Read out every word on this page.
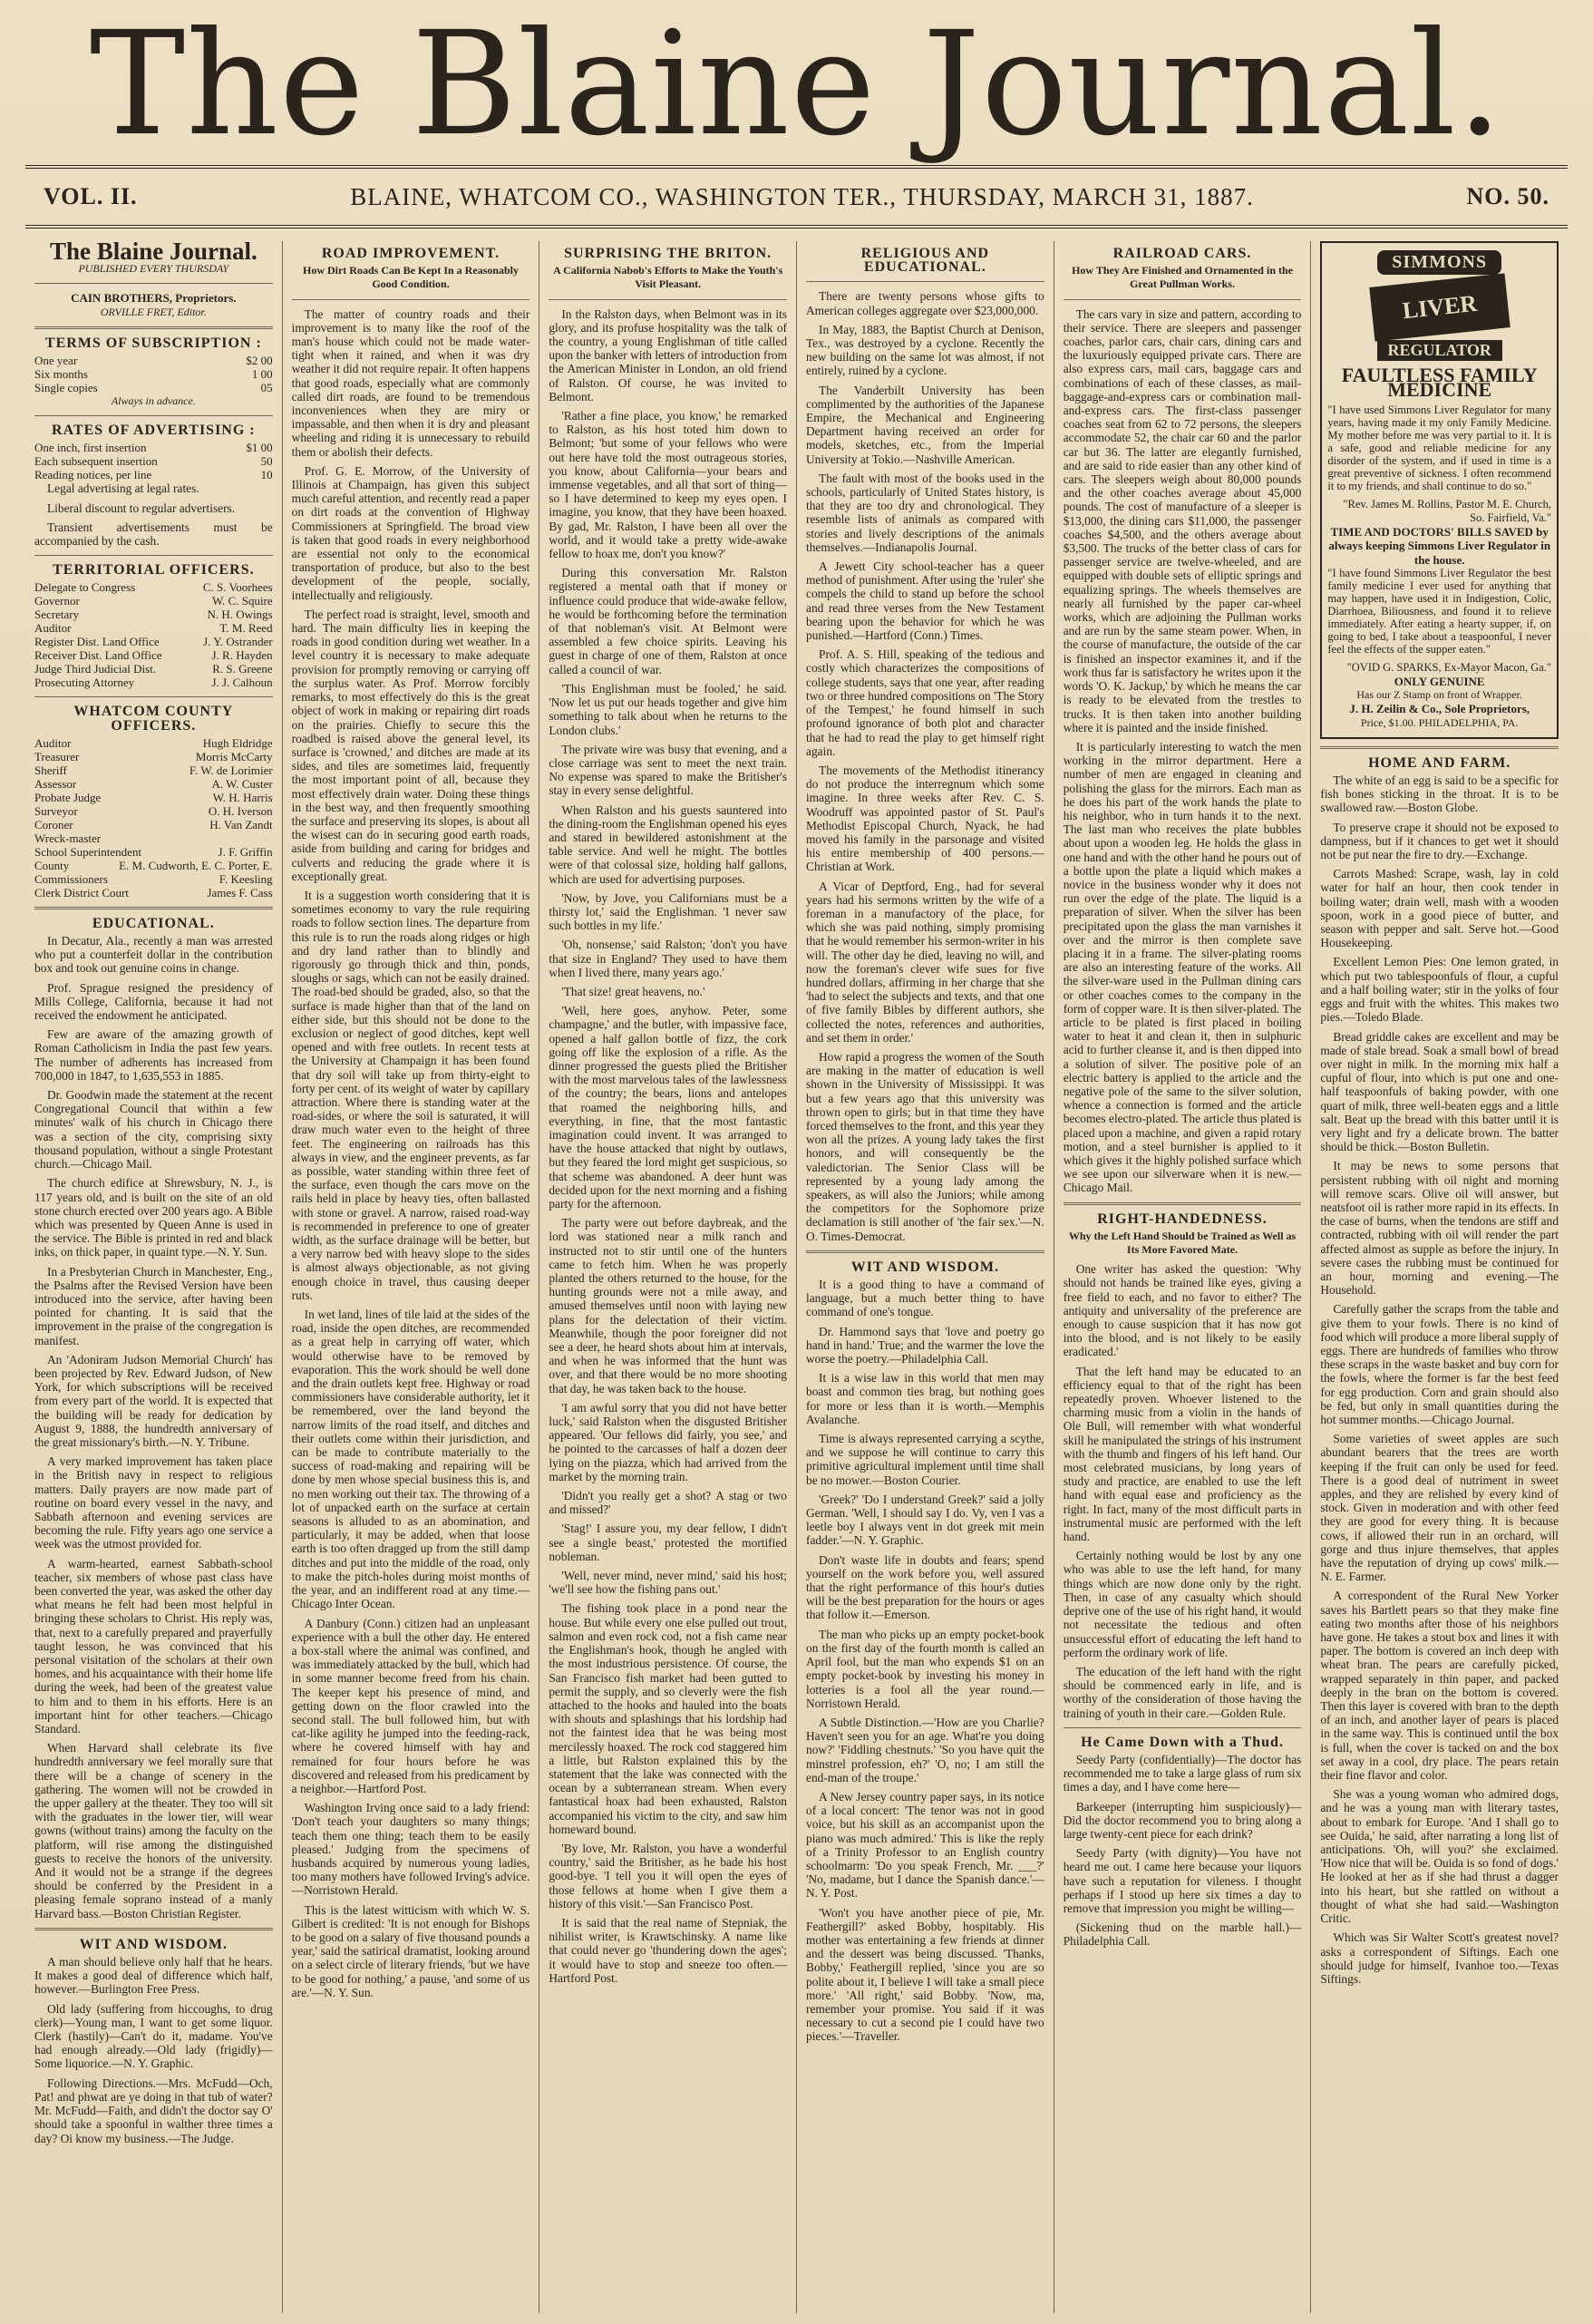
The Blaine Journal.
VOL. II.	BLAINE, WHATCOM CO., WASHINGTON TER., THURSDAY, MARCH 31, 1887.	NO. 50.
The Blaine Journal.
PUBLISHED EVERY THURSDAY
CAIN BROTHERS, Proprietors.
ORVILLE FRET, Editor.
TERMS OF SUBSCRIPTION :
One year	$2 00
Six months	1 00
Single copies	05
Always in advance.
RATES OF ADVERTISING :
One inch, first insertion	$1 00
Each subsequent insertion	50
Reading notices, per line	10

Legal advertising at legal rates.

Liberal discount to regular advertisers.

Transient advertisements must be accompanied by the cash.

TERRITORIAL OFFICERS.
Delegate to Congress	C. S. Voorhees
Governor	W. C. Squire
Secretary	N. H. Owings
Auditor	T. M. Reed
Register Dist. Land Office	J. Y. Ostrander
Receiver Dist. Land Office	J. R. Hayden
Judge Third Judicial Dist.	R. S. Greene
Prosecuting Attorney	J. J. Calhoun
WHATCOM COUNTY OFFICERS.
Auditor	Hugh Eldridge
Treasurer	Morris McCarty
Sheriff	F. W. de Lorimier
Assessor	A. W. Custer
Probate Judge	W. H. Harris
Surveyor	O. H. Iverson
Coroner	H. Van Zandt
Wreck-master
School Superintendent	J. F. Griffin
County Commissioners
E. M. Cudworth, E. C. Porter, E. F. Keesling
Clerk District Court	James F. Cass
EDUCATIONAL.

In Decatur, Ala., recently a man was arrested who put a counterfeit dollar in the contribution box and took out genuine coins in change.

Prof. Sprague resigned the presidency of Mills College, California, because it had not received the endowment he anticipated.

Few are aware of the amazing growth of Roman Catholicism in India the past few years. The number of adherents has increased from 700,000 in 1847, to 1,635,553 in 1885.

Dr. Goodwin made the statement at the recent Congregational Council that within a few minutes' walk of his church in Chicago there was a section of the city, comprising sixty thousand population, without a single Protestant church.—Chicago Mail.

The church edifice at Shrewsbury, N. J., is 117 years old, and is built on the site of an old stone church erected over 200 years ago. A Bible which was presented by Queen Anne is used in the service. The Bible is printed in red and black inks, on thick paper, in quaint type.—N. Y. Sun.

In a Presbyterian Church in Manchester, Eng., the Psalms after the Revised Version have been introduced into the service, after having been pointed for chanting. It is said that the improvement in the praise of the congregation is manifest.

An 'Adoniram Judson Memorial Church' has been projected by Rev. Edward Judson, of New York, for which subscriptions will be received from every part of the world. It is expected that the building will be ready for dedication by August 9, 1888, the hundredth anniversary of the great missionary's birth.—N. Y. Tribune.

A very marked improvement has taken place in the British navy in respect to religious matters. Daily prayers are now made part of routine on board every vessel in the navy, and Sabbath afternoon and evening services are becoming the rule. Fifty years ago one service a week was the utmost provided for.

A warm-hearted, earnest Sabbath-school teacher, six members of whose past class have been converted the year, was asked the other day what means he felt had been most helpful in bringing these scholars to Christ. His reply was, that, next to a carefully prepared and prayerfully taught lesson, he was convinced that his personal visitation of the scholars at their own homes, and his acquaintance with their home life during the week, had been of the greatest value to him and to them in his efforts. Here is an important hint for other teachers.—Chicago Standard.

When Harvard shall celebrate its five hundredth anniversary we feel morally sure that there will be a change of scenery in the gathering. The women will not be crowded in the upper gallery at the theater. They too will sit with the graduates in the lower tier, will wear gowns (without trains) among the faculty on the platform, will rise among the distinguished guests to receive the honors of the university. And it would not be a strange if the degrees should be conferred by the President in a pleasing female soprano instead of a manly Harvard bass.—Boston Christian Register.

WIT AND WISDOM.

A man should believe only half that he hears. It makes a good deal of difference which half, however.—Burlington Free Press.

Old lady (suffering from hiccoughs, to drug clerk)—Young man, I want to get some liquor. Clerk (hastily)—Can't do it, madame. You've had enough already.—Old lady (frigidly)—Some liquorice.—N. Y. Graphic.

Following Directions.—Mrs. McFudd—Och, Pat! and phwat are ye doing in that tub of water? Mr. McFudd—Faith, and didn't the doctor say O' should take a spoonful in walther three times a day? Oi know my business.—The Judge.

ROAD IMPROVEMENT.
How Dirt Roads Can Be Kept In a Reasonably Good Condition.

The matter of country roads and their improvement is to many like the roof of the man's house which could not be made water-tight when it rained, and when it was dry weather it did not require repair. It often happens that good roads, especially what are commonly called dirt roads, are found to be tremendous inconveniences when they are miry or impassable, and then when it is dry and pleasant wheeling and riding it is unnecessary to rebuild them or abolish their defects.

Prof. G. E. Morrow, of the University of Illinois at Champaign, has given this subject much careful attention, and recently read a paper on dirt roads at the convention of Highway Commissioners at Springfield. The broad view is taken that good roads in every neighborhood are essential not only to the economical transportation of produce, but also to the best development of the people, socially, intellectually and religiously.

The perfect road is straight, level, smooth and hard. The main difficulty lies in keeping the roads in good condition during wet weather. In a level country it is necessary to make adequate provision for promptly removing or carrying off the surplus water. As Prof. Morrow forcibly remarks, to most effectively do this is the great object of work in making or repairing dirt roads on the prairies. Chiefly to secure this the roadbed is raised above the general level, its surface is 'crowned,' and ditches are made at its sides, and tiles are sometimes laid, frequently the most important point of all, because they most effectively drain water. Doing these things in the best way, and then frequently smoothing the surface and preserving its slopes, is about all the wisest can do in securing good earth roads, aside from building and caring for bridges and culverts and reducing the grade where it is exceptionally great.

It is a suggestion worth considering that it is sometimes economy to vary the rule requiring roads to follow section lines. The departure from this rule is to run the roads along ridges or high and dry land rather than to blindly and rigorously go through thick and thin, ponds, sloughs or sags, which can not be easily drained. The road-bed should be graded, also, so that the surface is made higher than that of the land on either side, but this should not be done to the exclusion or neglect of good ditches, kept well opened and with free outlets. In recent tests at the University at Champaign it has been found that dry soil will take up from thirty-eight to forty per cent. of its weight of water by capillary attraction. Where there is standing water at the road-sides, or where the soil is saturated, it will draw much water even to the height of three feet. The engineering on railroads has this always in view, and the engineer prevents, as far as possible, water standing within three feet of the surface, even though the cars move on the rails held in place by heavy ties, often ballasted with stone or gravel. A narrow, raised road-way is recommended in preference to one of greater width, as the surface drainage will be better, but a very narrow bed with heavy slope to the sides is almost always objectionable, as not giving enough choice in travel, thus causing deeper ruts.

In wet land, lines of tile laid at the sides of the road, inside the open ditches, are recommended as a great help in carrying off water, which would otherwise have to be removed by evaporation. This the work should be well done and the drain outlets kept free. Highway or road commissioners have considerable authority, let it be remembered, over the land beyond the narrow limits of the road itself, and ditches and their outlets come within their jurisdiction, and can be made to contribute materially to the success of road-making and repairing will be done by men whose special business this is, and no men working out their tax. The throwing of a lot of unpacked earth on the surface at certain seasons is alluded to as an abomination, and particularly, it may be added, when that loose earth is too often dragged up from the still damp ditches and put into the middle of the road, only to make the pitch-holes during moist months of the year, and an indifferent road at any time.—Chicago Inter Ocean.

A Danbury (Conn.) citizen had an unpleasant experience with a bull the other day. He entered a box-stall where the animal was confined, and was immediately attacked by the bull, which had in some manner become freed from his chain. The keeper kept his presence of mind, and getting down on the floor crawled into the second stall. The bull followed him, but with cat-like agility he jumped into the feeding-rack, where he covered himself with hay and remained for four hours before he was discovered and released from his predicament by a neighbor.—Hartford Post.

Washington Irving once said to a lady friend: 'Don't teach your daughters so many things; teach them one thing; teach them to be easily pleased.' Judging from the specimens of husbands acquired by numerous young ladies, too many mothers have followed Irving's advice.—Norristown Herald.

This is the latest witticism with which W. S. Gilbert is credited: 'It is not enough for Bishops to be good on a salary of five thousand pounds a year,' said the satirical dramatist, looking around on a select circle of literary friends, 'but we have to be good for nothing,' a pause, 'and some of us are.'—N. Y. Sun.

SURPRISING THE BRITON.
A California Nabob's Efforts to Make the Youth's Visit Pleasant.

In the Ralston days, when Belmont was in its glory, and its profuse hospitality was the talk of the country, a young Englishman of title called upon the banker with letters of introduction from the American Minister in London, an old friend of Ralston. Of course, he was invited to Belmont.

'Rather a fine place, you know,' he remarked to Ralston, as his host toted him down to Belmont; 'but some of your fellows who were out here have told the most outrageous stories, you know, about California—your bears and immense vegetables, and all that sort of thing—so I have determined to keep my eyes open. I imagine, you know, that they have been hoaxed. By gad, Mr. Ralston, I have been all over the world, and it would take a pretty wide-awake fellow to hoax me, don't you know?'

During this conversation Mr. Ralston registered a mental oath that if money or influence could produce that wide-awake fellow, he would be forthcoming before the termination of that nobleman's visit. At Belmont were assembled a few choice spirits. Leaving his guest in charge of one of them, Ralston at once called a council of war.

'This Englishman must be fooled,' he said. 'Now let us put our heads together and give him something to talk about when he returns to the London clubs.'

The private wire was busy that evening, and a close carriage was sent to meet the next train. No expense was spared to make the Britisher's stay in every sense delightful.

When Ralston and his guests sauntered into the dining-room the Englishman opened his eyes and stared in bewildered astonishment at the table service. And well he might. The bottles were of that colossal size, holding half gallons, which are used for advertising purposes.

'Now, by Jove, you Californians must be a thirsty lot,' said the Englishman. 'I never saw such bottles in my life.'

'Oh, nonsense,' said Ralston; 'don't you have that size in England? They used to have them when I lived there, many years ago.'

'That size! great heavens, no.'

'Well, here goes, anyhow. Peter, some champagne,' and the butler, with impassive face, opened a half gallon bottle of fizz, the cork going off like the explosion of a rifle. As the dinner progressed the guests plied the Britisher with the most marvelous tales of the lawlessness of the country; the bears, lions and antelopes that roamed the neighboring hills, and everything, in fine, that the most fantastic imagination could invent. It was arranged to have the house attacked that night by outlaws, but they feared the lord might get suspicious, so that scheme was abandoned. A deer hunt was decided upon for the next morning and a fishing party for the afternoon.

The party were out before daybreak, and the lord was stationed near a milk ranch and instructed not to stir until one of the hunters came to fetch him. When he was properly planted the others returned to the house, for the hunting grounds were not a mile away, and amused themselves until noon with laying new plans for the delectation of their victim. Meanwhile, though the poor foreigner did not see a deer, he heard shots about him at intervals, and when he was informed that the hunt was over, and that there would be no more shooting that day, he was taken back to the house.

'I am awful sorry that you did not have better luck,' said Ralston when the disgusted Britisher appeared. 'Our fellows did fairly, you see,' and he pointed to the carcasses of half a dozen deer lying on the piazza, which had arrived from the market by the morning train.

'Didn't you really get a shot? A stag or two and missed?'

'Stag!' I assure you, my dear fellow, I didn't see a single beast,' protested the mortified nobleman.

'Well, never mind, never mind,' said his host; 'we'll see how the fishing pans out.'

The fishing took place in a pond near the house. But while every one else pulled out trout, salmon and even rock cod, not a fish came near the Englishman's hook, though he angled with the most industrious persistence. Of course, the San Francisco fish market had been gutted to permit the supply, and so cleverly were the fish attached to the hooks and hauled into the boats with shouts and splashings that his lordship had not the faintest idea that he was being most mercilessly hoaxed. The rock cod staggered him a little, but Ralston explained this by the statement that the lake was connected with the ocean by a subterranean stream. When every fantastical hoax had been exhausted, Ralston accompanied his victim to the city, and saw him homeward bound.

'By love, Mr. Ralston, you have a wonderful country,' said the Britisher, as he bade his host good-bye. 'I tell you it will open the eyes of those fellows at home when I give them a history of this visit.'—San Francisco Post.

It is said that the real name of Stepniak, the nihilist writer, is Krawtschinsky. A name like that could never go 'thundering down the ages'; it would have to stop and sneeze too often.—Hartford Post.

RELIGIOUS AND EDUCATIONAL.

There are twenty persons whose gifts to American colleges aggregate over $23,000,000.

In May, 1883, the Baptist Church at Denison, Tex., was destroyed by a cyclone. Recently the new building on the same lot was almost, if not entirely, ruined by a cyclone.

The Vanderbilt University has been complimented by the authorities of the Japanese Empire, the Mechanical and Engineering Department having received an order for models, sketches, etc., from the Imperial University at Tokio.—Nashville American.

The fault with most of the books used in the schools, particularly of United States history, is that they are too dry and chronological. They resemble lists of animals as compared with stories and lively descriptions of the animals themselves.—Indianapolis Journal.

A Jewett City school-teacher has a queer method of punishment. After using the 'ruler' she compels the child to stand up before the school and read three verses from the New Testament bearing upon the behavior for which he was punished.—Hartford (Conn.) Times.

Prof. A. S. Hill, speaking of the tedious and costly which characterizes the compositions of college students, says that one year, after reading two or three hundred compositions on 'The Story of the Tempest,' he found himself in such profound ignorance of both plot and character that he had to read the play to get himself right again.

The movements of the Methodist itinerancy do not produce the interregnum which some imagine. In three weeks after Rev. C. S. Woodruff was appointed pastor of St. Paul's Methodist Episcopal Church, Nyack, he had moved his family in the parsonage and visited his entire membership of 400 persons.—Christian at Work.

A Vicar of Deptford, Eng., had for several years had his sermons written by the wife of a foreman in a manufactory of the place, for which she was paid nothing, simply promising that he would remember his sermon-writer in his will. The other day he died, leaving no will, and now the foreman's clever wife sues for five hundred dollars, affirming in her charge that she 'had to select the subjects and texts, and that one of five family Bibles by different authors, she collected the notes, references and authorities, and set them in order.'

How rapid a progress the women of the South are making in the matter of education is well shown in the University of Mississippi. It was but a few years ago that this university was thrown open to girls; but in that time they have forced themselves to the front, and this year they won all the prizes. A young lady takes the first honors, and will consequently be the valedictorian. The Senior Class will be represented by a young lady among the speakers, as will also the Juniors; while among the competitors for the Sophomore prize declamation is still another of 'the fair sex.'—N. O. Times-Democrat.

WIT AND WISDOM.

It is a good thing to have a command of language, but a much better thing to have command of one's tongue.

Dr. Hammond says that 'love and poetry go hand in hand.' True; and the warmer the love the worse the poetry.—Philadelphia Call.

It is a wise law in this world that men may boast and common ties brag, but nothing goes for more or less than it is worth.—Memphis Avalanche.

Time is always represented carrying a scythe, and we suppose he will continue to carry this primitive agricultural implement until time shall be no mower.—Boston Courier.

'Greek?' 'Do I understand Greek?' said a jolly German. 'Well, I should say I do. Vy, ven I vas a leetle boy I always vent in dot greek mit mein fadder.'—N. Y. Graphic.

Don't waste life in doubts and fears; spend yourself on the work before you, well assured that the right performance of this hour's duties will be the best preparation for the hours or ages that follow it.—Emerson.

The man who picks up an empty pocket-book on the first day of the fourth month is called an April fool, but the man who expends $1 on an empty pocket-book by investing his money in lotteries is a fool all the year round.—Norristown Herald.

A Subtle Distinction.—'How are you Charlie? Haven't seen you for an age. What're you doing now?' 'Fiddling chestnuts.' 'So you have quit the minstrel profession, eh?' 'O, no; I am still the end-man of the troupe.'

A New Jersey country paper says, in its notice of a local concert: 'The tenor was not in good voice, but his skill as an accompanist upon the piano was much admired.' This is like the reply of a Trinity Professor to an English country schoolmarm: 'Do you speak French, Mr. ___?' 'No, madame, but I dance the Spanish dance.'—N. Y. Post.

'Won't you have another piece of pie, Mr. Feathergill?' asked Bobby, hospitably. His mother was entertaining a few friends at dinner and the dessert was being discussed. 'Thanks, Bobby,' Feathergill replied, 'since you are so polite about it, I believe I will take a small piece more.' 'All right,' said Bobby. 'Now, ma, remember your promise. You said if it was necessary to cut a second pie I could have two pieces.'—Traveller.

RAILROAD CARS.
How They Are Finished and Ornamented in the Great Pullman Works.

The cars vary in size and pattern, according to their service. There are sleepers and passenger coaches, parlor cars, chair cars, dining cars and the luxuriously equipped private cars. There are also express cars, mail cars, baggage cars and combinations of each of these classes, as mail-baggage-and-express cars or combination mail-and-express cars. The first-class passenger coaches seat from 62 to 72 persons, the sleepers accommodate 52, the chair car 60 and the parlor car but 36. The latter are elegantly furnished, and are said to ride easier than any other kind of cars. The sleepers weigh about 80,000 pounds and the other coaches average about 45,000 pounds. The cost of manufacture of a sleeper is $13,000, the dining cars $11,000, the passenger coaches $4,500, and the others average about $3,500. The trucks of the better class of cars for passenger service are twelve-wheeled, and are equipped with double sets of elliptic springs and equalizing springs. The wheels themselves are nearly all furnished by the paper car-wheel works, which are adjoining the Pullman works and are run by the same steam power. When, in the course of manufacture, the outside of the car is finished an inspector examines it, and if the work thus far is satisfactory he writes upon it the words 'O. K. Jackup,' by which he means the car is ready to be elevated from the trestles to trucks. It is then taken into another building where it is painted and the inside finished.

It is particularly interesting to watch the men working in the mirror department. Here a number of men are engaged in cleaning and polishing the glass for the mirrors. Each man as he does his part of the work hands the plate to his neighbor, who in turn hands it to the next. The last man who receives the plate bubbles about upon a wooden leg. He holds the glass in one hand and with the other hand he pours out of a bottle upon the plate a liquid which makes a novice in the business wonder why it does not run over the edge of the plate. The liquid is a preparation of silver. When the silver has been precipitated upon the glass the man varnishes it over and the mirror is then complete save placing it in a frame. The silver-plating rooms are also an interesting feature of the works. All the silver-ware used in the Pullman dining cars or other coaches comes to the company in the form of copper ware. It is then silver-plated. The article to be plated is first placed in boiling water to heat it and clean it, then in sulphuric acid to further cleanse it, and is then dipped into a solution of silver. The positive pole of an electric battery is applied to the article and the negative pole of the same to the silver solution, whence a connection is formed and the article becomes electro-plated. The article thus plated is placed upon a machine, and given a rapid rotary motion, and a steel burnisher is applied to it which gives it the highly polished surface which we see upon our silverware when it is new.—Chicago Mail.

RIGHT-HANDEDNESS.
Why the Left Hand Should be Trained as Well as Its More Favored Mate.

One writer has asked the question: 'Why should not hands be trained like eyes, giving a free field to each, and no favor to either? The antiquity and universality of the preference are enough to cause suspicion that it has now got into the blood, and is not likely to be easily eradicated.'

That the left hand may be educated to an efficiency equal to that of the right has been repeatedly proven. Whoever listened to the charming music from a violin in the hands of Ole Bull, will remember with what wonderful skill he manipulated the strings of his instrument with the thumb and fingers of his left hand. Our most celebrated musicians, by long years of study and practice, are enabled to use the left hand with equal ease and proficiency as the right. In fact, many of the most difficult parts in instrumental music are performed with the left hand.

Certainly nothing would be lost by any one who was able to use the left hand, for many things which are now done only by the right. Then, in case of any casualty which should deprive one of the use of his right hand, it would not necessitate the tedious and often unsuccessful effort of educating the left hand to perform the ordinary work of life.

The education of the left hand with the right should be commenced early in life, and is worthy of the consideration of those having the training of youth in their care.—Golden Rule.

He Came Down with a Thud.

Seedy Party (confidentially)—The doctor has recommended me to take a large glass of rum six times a day, and I have come here—

Barkeeper (interrupting him suspiciously)—Did the doctor recommend you to bring along a large twenty-cent piece for each drink?

Seedy Party (with dignity)—You have not heard me out. I came here because your liquors have such a reputation for vileness. I thought perhaps if I stood up here six times a day to remove that impression you might be willing—

(Sickening thud on the marble hall.)—Philadelphia Call.

SIMMONS
LIVER
REGULATOR
FAULTLESS FAMILY MEDICINE

"I have used Simmons Liver Regulator for many years, having made it my only Family Medicine. My mother before me was very partial to it. It is a safe, good and reliable medicine for any disorder of the system, and if used in time is a great preventive of sickness. I often recommend it to my friends, and shall continue to do so."

"Rev. James M. Rollins, Pastor M. E. Church, So. Fairfield, Va."
TIME AND DOCTORS' BILLS SAVED by always keeping Simmons Liver Regulator in the house.

"I have found Simmons Liver Regulator the best family medicine I ever used for anything that may happen, have used it in Indigestion, Colic, Diarrhoea, Biliousness, and found it to relieve immediately. After eating a hearty supper, if, on going to bed, I take about a teaspoonful, I never feel the effects of the supper eaten."

"OVID G. SPARKS, Ex-Mayor Macon, Ga."
ONLY GENUINE
Has our Z Stamp on front of Wrapper.
J. H. Zeilin & Co., Sole Proprietors,
Price, $1.00. PHILADELPHIA, PA.
HOME AND FARM.

The white of an egg is said to be a specific for fish bones sticking in the throat. It is to be swallowed raw.—Boston Globe.

To preserve crape it should not be exposed to dampness, but if it chances to get wet it should not be put near the fire to dry.—Exchange.

Carrots Mashed: Scrape, wash, lay in cold water for half an hour, then cook tender in boiling water; drain well, mash with a wooden spoon, work in a good piece of butter, and season with pepper and salt. Serve hot.—Good Housekeeping.

Excellent Lemon Pies: One lemon grated, in which put two tablespoonfuls of flour, a cupful and a half boiling water; stir in the yolks of four eggs and fruit with the whites. This makes two pies.—Toledo Blade.

Bread griddle cakes are excellent and may be made of stale bread. Soak a small bowl of bread over night in milk. In the morning mix half a cupful of flour, into which is put one and one-half teaspoonfuls of baking powder, with one quart of milk, three well-beaten eggs and a little salt. Beat up the bread with this batter until it is very light and fry a delicate brown. The batter should be thick.—Boston Bulletin.

It may be news to some persons that persistent rubbing with oil night and morning will remove scars. Olive oil will answer, but neatsfoot oil is rather more rapid in its effects. In the case of burns, when the tendons are stiff and contracted, rubbing with oil will render the part affected almost as supple as before the injury. In severe cases the rubbing must be continued for an hour, morning and evening.—The Household.

Carefully gather the scraps from the table and give them to your fowls. There is no kind of food which will produce a more liberal supply of eggs. There are hundreds of families who throw these scraps in the waste basket and buy corn for the fowls, where the former is far the best feed for egg production. Corn and grain should also be fed, but only in small quantities during the hot summer months.—Chicago Journal.

Some varieties of sweet apples are such abundant bearers that the trees are worth keeping if the fruit can only be used for feed. There is a good deal of nutriment in sweet apples, and they are relished by every kind of stock. Given in moderation and with other feed they are good for every thing. It is because cows, if allowed their run in an orchard, will gorge and thus injure themselves, that apples have the reputation of drying up cows' milk.—N. E. Farmer.

A correspondent of the Rural New Yorker saves his Bartlett pears so that they make fine eating two months after those of his neighbors have gone. He takes a stout box and lines it with paper. The bottom is covered an inch deep with wheat bran. The pears are carefully picked, wrapped separately in thin paper, and packed deeply in the bran on the bottom is covered. Then this layer is covered with bran to the depth of an inch, and another layer of pears is placed in the same way. This is continued until the box is full, when the cover is tacked on and the box set away in a cool, dry place. The pears retain their fine flavor and color.

She was a young woman who admired dogs, and he was a young man with literary tastes, about to embark for Europe. 'And I shall go to see Ouida,' he said, after narrating a long list of anticipations. 'Oh, will you?' she exclaimed. 'How nice that will be. Ouida is so fond of dogs.' He looked at her as if she had thrust a dagger into his heart, but she rattled on without a thought of what she had said.—Washington Critic.

Which was Sir Walter Scott's greatest novel? asks a correspondent of Siftings. Each one should judge for himself, Ivanhoe too.—Texas Siftings.
